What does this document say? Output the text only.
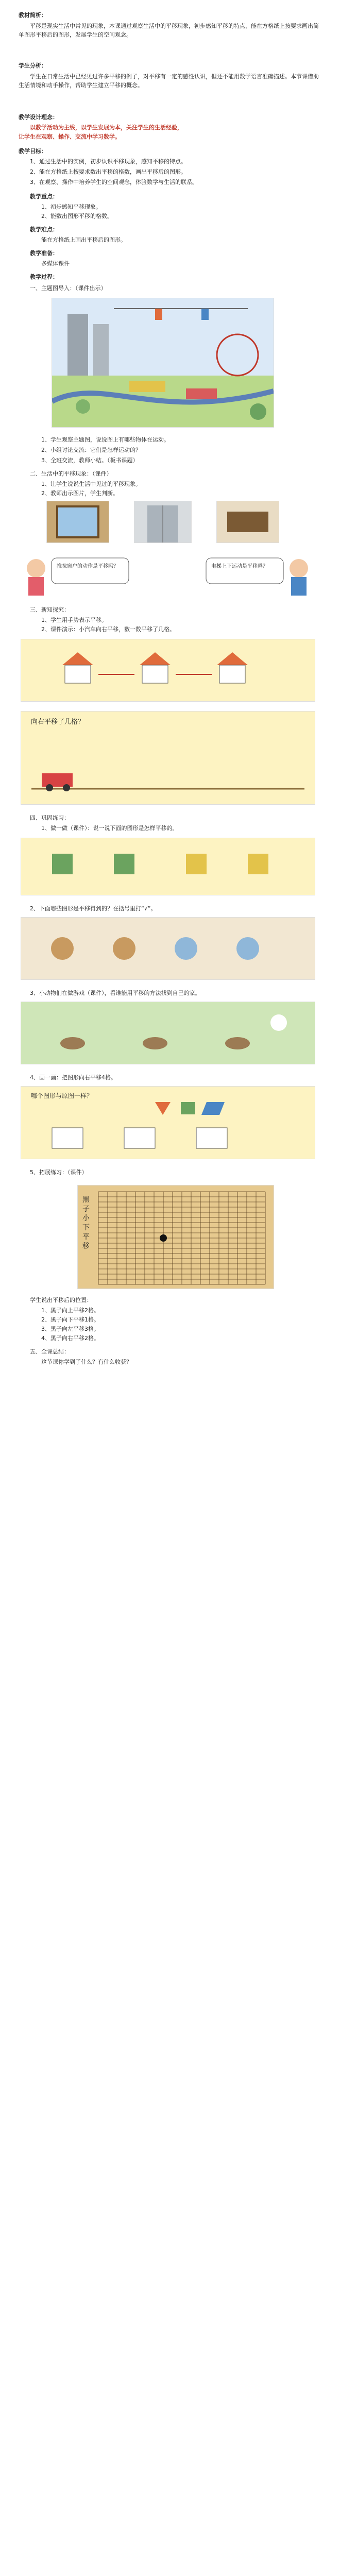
教材简析：
平移是现实生活中常见的现象，本课通过观察生活中的平移现象，初步感知平移的特点，能在方格纸上按要求画出简单图形平移后的图形，发展学生的空间观念。
学生分析：
学生在日常生活中已经见过许多平移的例子，对平移有一定的感性认识，但还不能用数学语言准确描述。本节课借助生活情境和动手操作，帮助学生建立平移的概念。
教学设计理念：
以教学活动为主线，以学生发展为本，关注学生的生活经验，
让学生在观察、操作、交流中学习数学。
教学目标：
1、通过生活中的实例，初步认识平移现象，感知平移的特点。
2、能在方格纸上按要求数出平移的格数，画出平移后的图形。
3、在观察、操作中培养学生的空间观念，体验数学与生活的联系。
教学重点：
1、初步感知平移现象。
2、能数出图形平移的格数。
教学难点：
能在方格纸上画出平移后的图形。
教学准备：
多媒体课件
教学过程：
一、主题图导入：（课件出示）
1、学生观察主题图，说说图上有哪些物体在运动。
2、小组讨论交流：它们是怎样运动的？
3、全班交流，教师小结。（板书课题）
二、生活中的平移现象：（课件）
1、让学生说说生活中见过的平移现象。
2、教师出示图片，学生判断。
推拉窗户的动作是平移吗？	电梯上下运动是平移吗？
三、新知探究：
1、学生用手势表示平移。
2、课件演示：小汽车向右平移，数一数平移了几格。
向右平移了几格？
四、巩固练习：
1、做一做（课件）：说一说下面的图形是怎样平移的。
2、下面哪些图形是平移得到的？在括号里打“√”。
3、小动物们在做游戏（课件），看谁能用平移的方法找到自己的家。
4、画一画：把图形向右平移4格。
哪个图形与原图一样？
5、拓展练习：（课件）
黑子小下平移
学生说出平移后的位置：
1、黑子向上平移2格。
2、黑子向下平移1格。
3、黑子向左平移3格。
4、黑子向右平移2格。
五、全课总结：
这节课你学到了什么？有什么收获？
